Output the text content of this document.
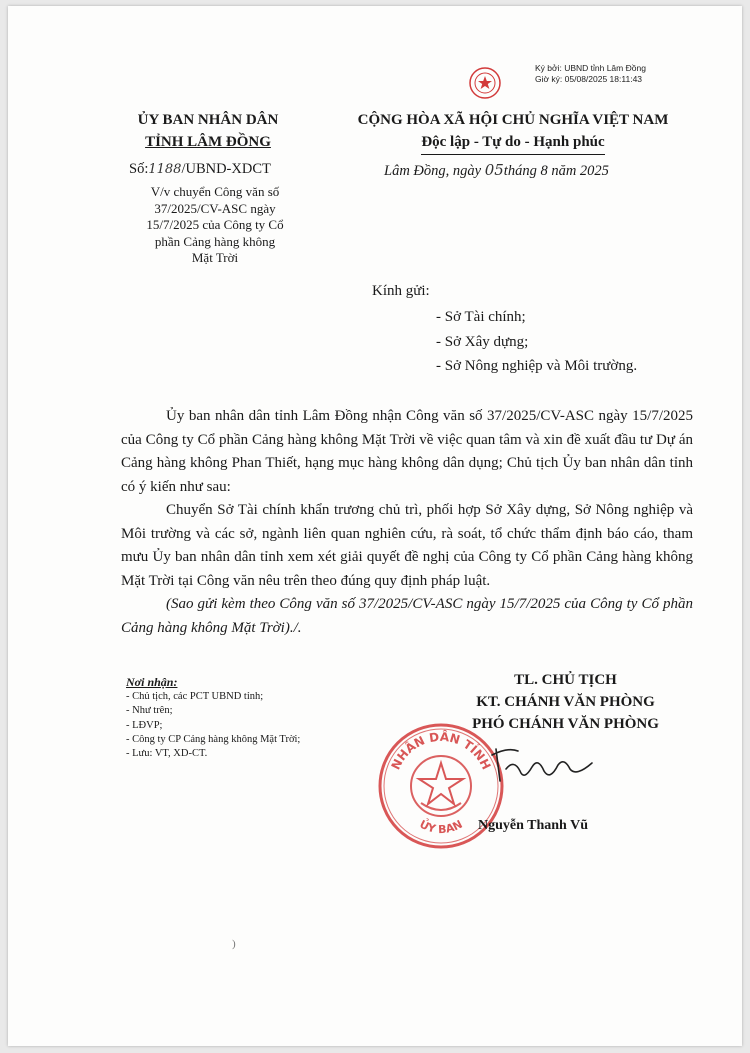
Ký bởi: UBND tỉnh Lâm Đồng
Giờ ký: 05/08/2025 18:11:43
ỦY BAN NHÂN DÂN
TỈNH LÂM ĐỒNG
CỘNG HÒA XÃ HỘI CHỦ NGHĨA VIỆT NAM
Độc lập - Tự do - Hạnh phúc
Số:1188/UBND-XDCT	Lâm Đồng, ngày 05tháng 8 năm 2025
V/v chuyển Công văn số
37/2025/CV-ASC ngày
15/7/2025 của Công ty Cổ
phần Cảng hàng không
Mặt Trời
Kính gửi:
- Sở Tài chính;
- Sở Xây dựng;
- Sở Nông nghiệp và Môi trường.

Ủy ban nhân dân tỉnh Lâm Đồng nhận Công văn số 37/2025/CV-ASC ngày 15/7/2025 của Công ty Cổ phần Cảng hàng không Mặt Trời về việc quan tâm và xin đề xuất đầu tư Dự án Cảng hàng không Phan Thiết, hạng mục hàng không dân dụng; Chủ tịch Ủy ban nhân dân tỉnh có ý kiến như sau:

Chuyển Sở Tài chính khẩn trương chủ trì, phối hợp Sở Xây dựng, Sở Nông nghiệp và Môi trường và các sở, ngành liên quan nghiên cứu, rà soát, tổ chức thẩm định báo cáo, tham mưu Ủy ban nhân dân tỉnh xem xét giải quyết đề nghị của Công ty Cổ phần Cảng hàng không Mặt Trời tại Công văn nêu trên theo đúng quy định pháp luật.

(Sao gửi kèm theo Công văn số 37/2025/CV-ASC ngày 15/7/2025 của Công ty Cổ phần Cảng hàng không Mặt Trời)./.

Nơi nhận:
- Chủ tịch, các PCT UBND tỉnh;
- Như trên;
- LĐVP;
- Công ty CP Cảng hàng không Mặt Trời;
- Lưu: VT, XD-CT.
TL. CHỦ TỊCH
KT. CHÁNH VĂN PHÒNG
PHÓ CHÁNH VĂN PHÒNG
NHÂN DÂN TỈNH
ỦY BAN Nguyễn Thanh Vũ
)
